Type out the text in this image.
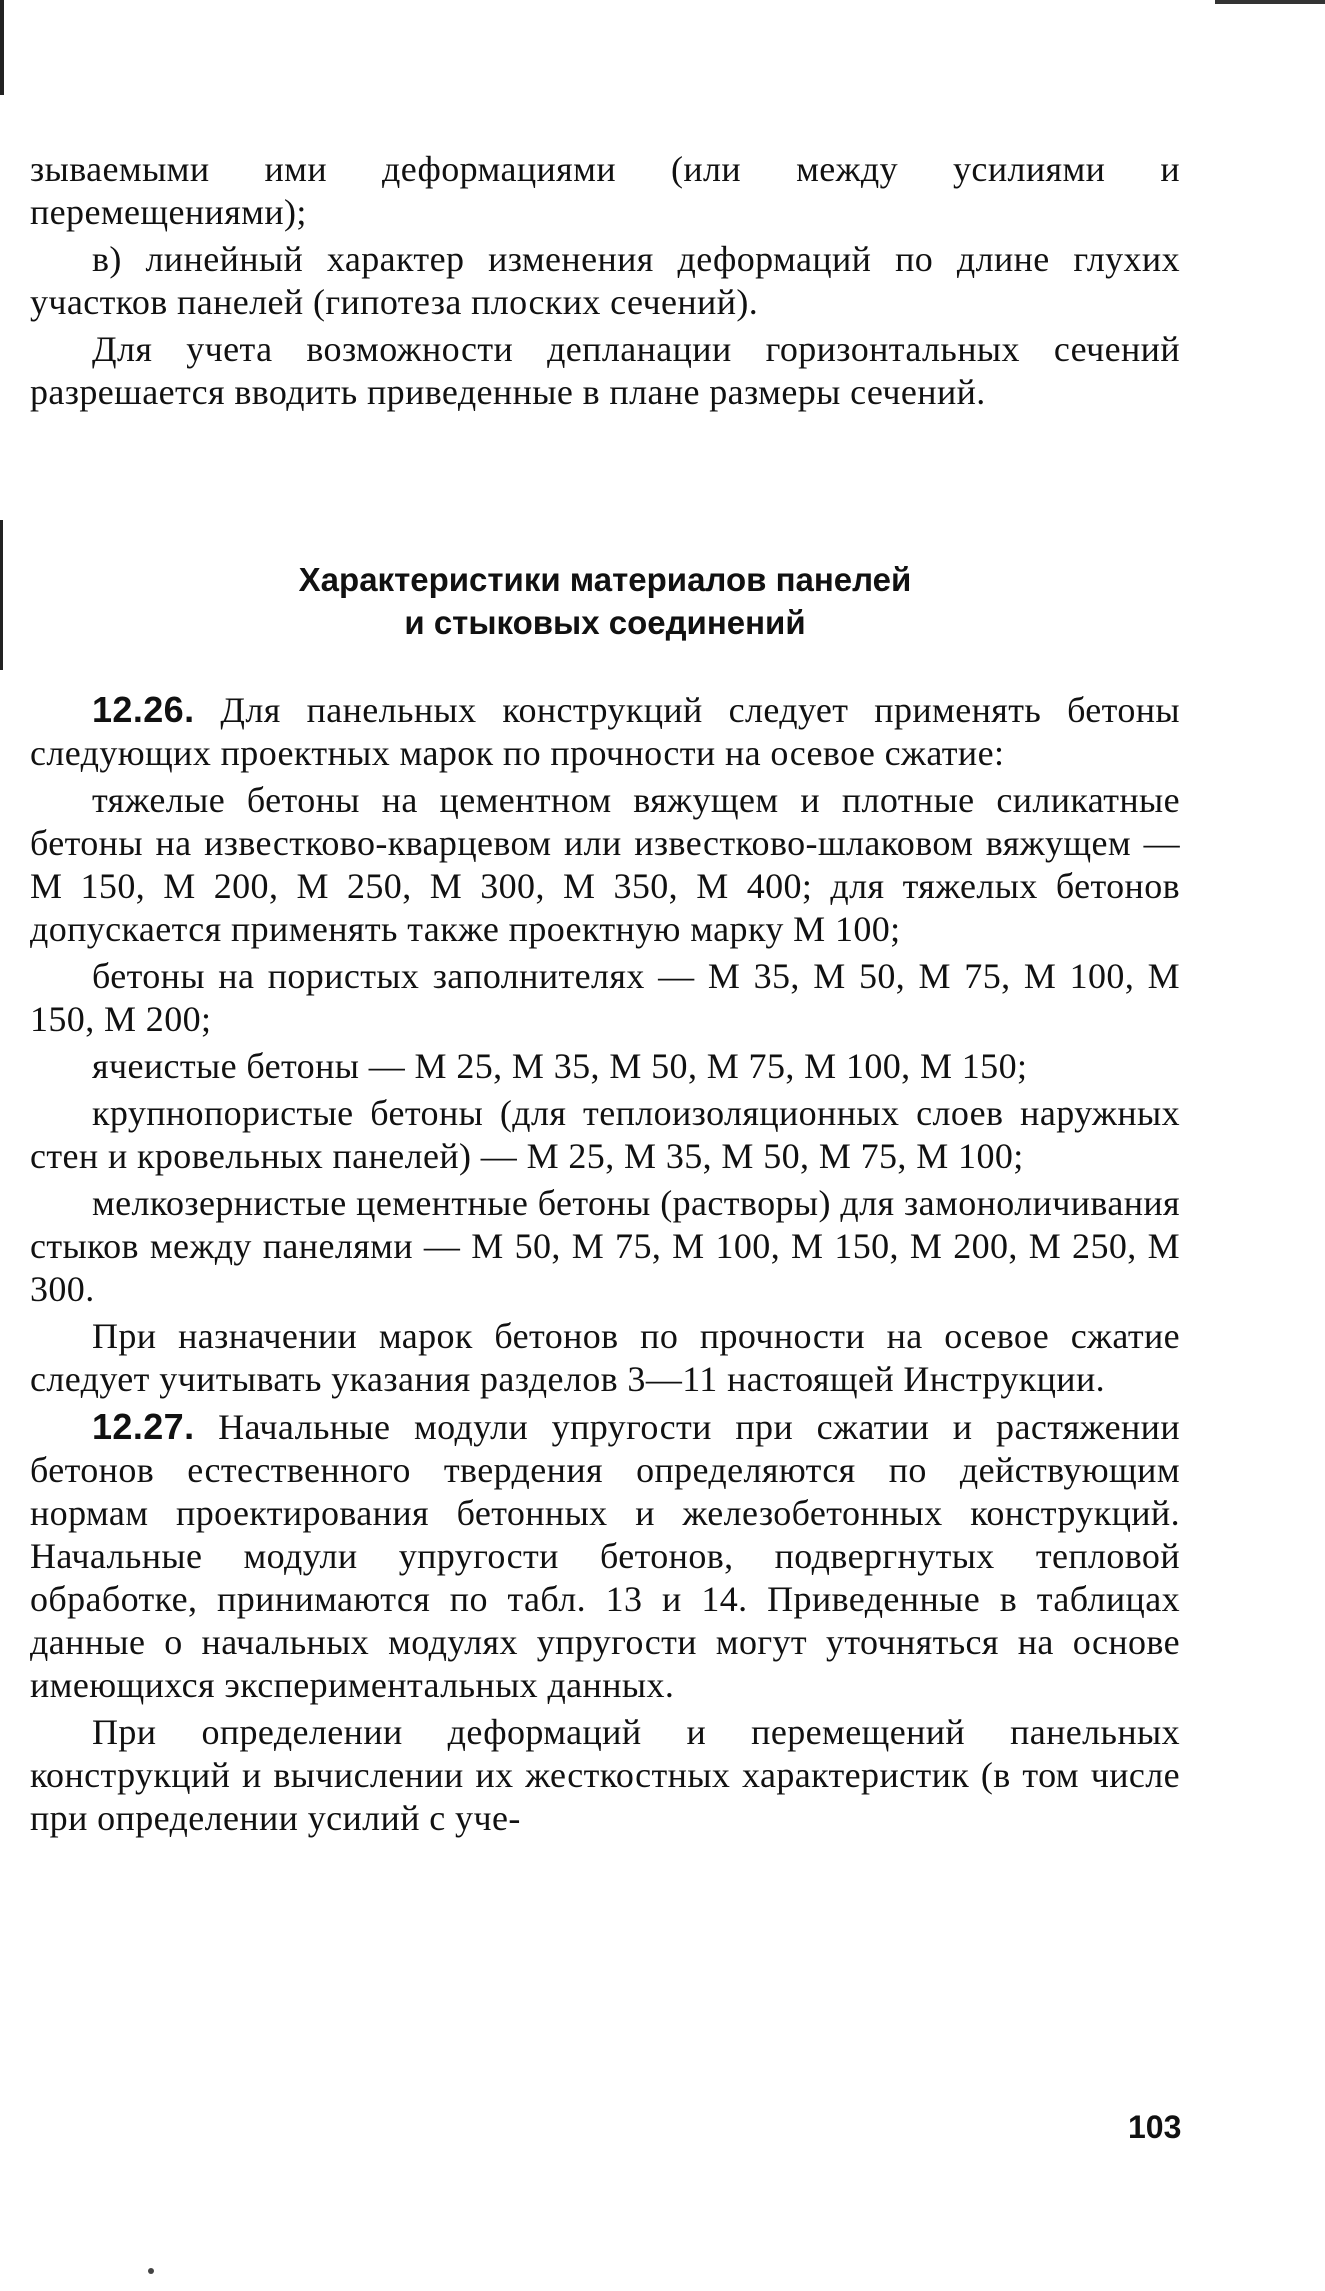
зываемыми ими деформациями (или между усилиями и перемещениями);

в) линейный характер изменения деформаций по длине глухих участков панелей (гипотеза плоских сечений).

Для учета возможности депланации горизонтальных сечений разрешается вводить приведенные в плане размеры сечений.

Характеристики материалов панелей
и стыковых соединений

12.26. Для панельных конструкций следует применять бетоны следующих проектных марок по прочности на осевое сжатие:

тяжелые бетоны на цементном вяжущем и плотные силикатные бетоны на известково-кварцевом или известково-шлаковом вяжущем — М 150, М 200, М 250, М 300, М 350, М 400; для тяжелых бетонов допускается применять также проектную марку М 100;

бетоны на пористых заполнителях — М 35, М 50, М 75, М 100, М 150, М 200;

ячеистые бетоны — М 25, М 35, М 50, М 75, М 100, М 150;

крупнопористые бетоны (для теплоизоляционных слоев наружных стен и кровельных панелей) — М 25, М 35, М 50, М 75, М 100;

мелкозернистые цементные бетоны (растворы) для замоноличивания стыков между панелями — М 50, М 75, М 100, М 150, М 200, М 250, М 300.

При назначении марок бетонов по прочности на осевое сжатие следует учитывать указания разделов 3—11 настоящей Инструкции.

12.27. Начальные модули упругости при сжатии и растяжении бетонов естественного твердения определяются по действующим нормам проектирования бетонных и железобетонных конструкций. Начальные модули упругости бетонов, подвергнутых тепловой обработке, принимаются по табл. 13 и 14. Приведенные в таблицах данные о начальных модулях упругости могут уточняться на основе имеющихся экспериментальных данных.

При определении деформаций и перемещений панельных конструкций и вычислении их жесткостных характеристик (в том числе при определении усилий с уче-

103
